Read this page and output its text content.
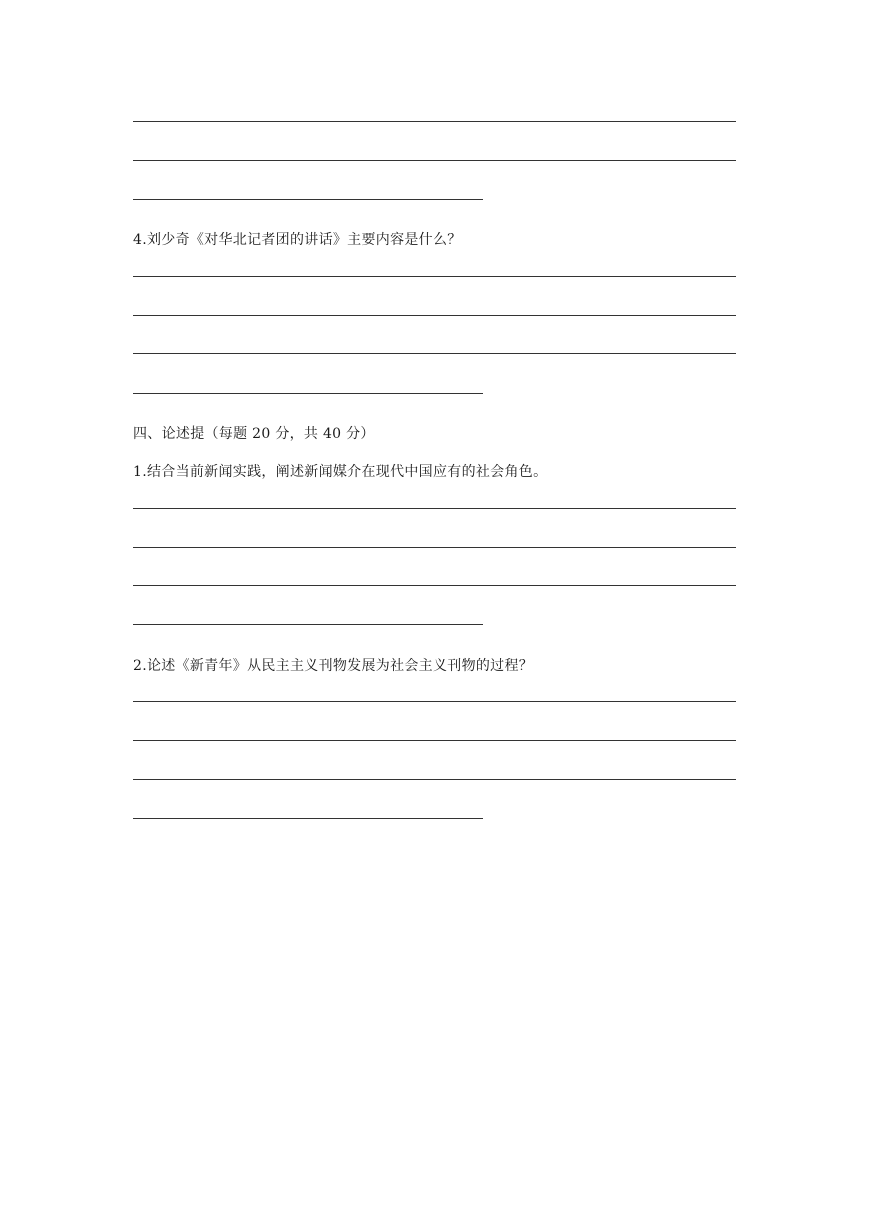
4.刘少奇《对华北记者团的讲话》主要内容是什么？
四、论述提（每题 20 分，共 40 分）
1.结合当前新闻实践，阐述新闻媒介在现代中国应有的社会角色。
2.论述《新青年》从民主主义刊物发展为社会主义刊物的过程？
